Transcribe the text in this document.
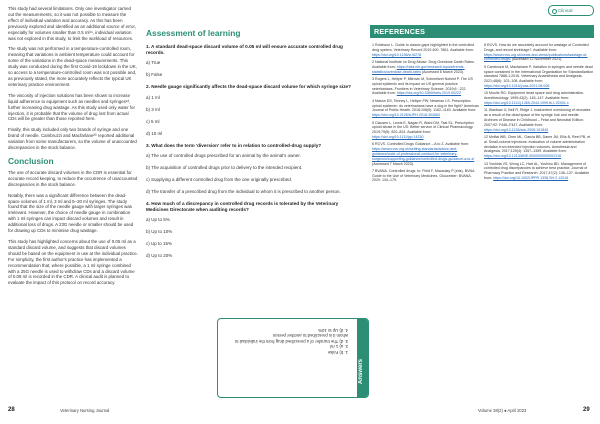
Clinical

This study had several limitations. Only one investigator carried out the measurements, so it was not possible to measure the effect of individual variation and accuracy. As this has been previously explored and identified as an additional source of error, especially for volumes smaller than 0.5 ml¹⁹, individual variation was not explored in this study, to limit the workload of resources.

The study was not performed in a temperature-controlled room, meaning that variations in ambient temperature could account for some of the variations in the dead-space measurements. This study was conducted during the first Covid-19 lockdown in the UK, so access to a temperature-controlled room was not possible and, as previously stated, the more accurately reflects the typical UK veterinary practice environment.

The viscosity of injection solutions has been shown to increase liquid adherence to equipment such as needles and syringes¹⁸, further increasing drug wastage. As this study used only water for injection, it is probable that the volume of drug lost from actual CDs will be greater than those reported here.

Finally, this study included only two brands of syringe and one brand of needle. Cambruzzi and Macfarlane²⁰ reported additional variation from some manufacturers, so the volume of unaccounted discrepancies in the stock balance.

Conclusion

The use of accurate discard volumes in the CDR is essential for accurate record keeping, to reduce the occurrence of unaccounted discrepancies in the stock balance.

Notably, there was a significant difference between the dead-space volumes of 1 ml, 3 ml and 5–20 ml syringes. The study found that the size of the needle gauge with larger syringes was irrelevant. However, the choice of needle gauge in combination with 1 ml syringes can impact discard volumes and result in additional loss of drugs. A 23G needle or smaller should be used for drawing up CDs to minimise drug wastage.

This study has highlighted concerns about the use of 0.05 ml as a standard discard volume, and suggests that discard volumes should be based on the equipment in use at the individual practice. For simplicity, the first author's practice has implemented a recommendation that, where possible, a 1 ml syringe combined with a 25G needle is used to withdraw CDs and a discard volume of 0.08 ml is recorded in the CDR. A clinical audit is planned to evaluate the impact of this protocol on record accuracy.

Assessment of learning
1. A standard dead-space discard volume of 0.05 ml will ensure accurate controlled drug records.
a) True
b) False
2. Needle gauge significantly affects the dead-space discard volume for which syringe size?
a) 1 ml
b) 3 ml
c) 5 ml
d) 10 ml
3. What does the term 'diversion' refer to in relation to controlled-drug supply?
a) The use of controlled drugs prescribed for an animal by the animal's owner.
b) The acquisition of controlled drugs prior to delivery to the intended recipient.
c) Supplying a different controlled drug from the one originally prescribed.
d) The transfer of a prescribed drug from the individual to whom it is prescribed to another person.
4. How much of a discrepancy in controlled drug records is tolerated by the Veterinary Medicines Directorate when auditing records?
a) Up to 5%
b) Up to 10%
c) Up to 15%
d) Up to 20%
1. b) False
2. a) 1 ml
3. d) The transfer of a prescribed drug from the individual to whom it is prescribed to another person
4. d) Up to 10%
Answers
REFERENCES

1 Robinson L. Guide to classic gaps highlighted in the controlled drug system. Veterinary Record 2019 400: 7861. Available from: https://doi.org/10.1136/vr.l6278

2 National Institute on Drug Abuse. Drug Overdose Death Rates. Available from: https://nida.nih.gov/research-topics/trends-statistics/overdose-death-rates (Accessed 6 March 2023).

3 Rogers L, Hellyer P, Mitrovic M, Schmeitzel Nofsinf P. The US opioid epidemic and its impact on US general practice veterinarians. Frontiers in Veterinary Science. 2019;6 : 222. Available from: https://doi.org/10.3389/fvets.2019.00222

4 Mason DS, Tenney L, Hellyer PW, Newman LS. Prescription opioid epidemic: do veterinarians have a dog in the fight? American Journal of Public Health. 2018;108(9): 1162–1163. Available from: https://doi.org/10.2105/AJPH.2018.304563

5 Clausen L, Lewis E, Nagan R, Ward DM, Tsai SL. Prescription opioid abuse in the US: Better service of Clinical Pharmacology. 2019;79(5): 820–824. Available from: https://doi.org/10.1111/jcp.14230

6 RCVS. Controlled Drugs Guidance – A to Z. Available from: https://www.rcvs.org.uk/setting-standards/advice-and-guidance/code-of-professional-conduct-for-veterinary-surgeons/supporting-guidance/controlled-drugs-guidance-a-to-z/ (Accessed 7 March 2023).

7 BVANA. Controlled drugs. In: Field F, Macaulay P (eds). BVNA Guide to the Use of Veterinary Medicines. Gloucester: BVANA. 2020: 134–179.

8 RCVS. How do we accurately account for wastage of Controlled Drugs, and record shrinkage?. Available from: https://www.rcvs.org.uk/news-and-views/publications/wastage-of-controlled-drugs/ (Accessed 12 November 2021).

9 Cambruzzi M, Macfarlane P. Variation in syringes and needle dead space contained in the International Organization for Standardization standard 7886-1:2016. Veterinary Anaesthesia and Analgesia. 2021;48(6): 103–108. Available from: https://doi.org/10.1016/j.vaa.2021.08.008

10 Moultz RG. Equipment dead space and drug administration. Anesthesiology. 1999;43(2): 145–147. Available from: https://doi.org/10.1111/j.1365-2044.1999.tb.1.02001.x

11 Wardlaw IJ, Bell R, Ridge J. Inadvertent overdosing of neonates as a result of the dead space of the syringe hub and needle. Archives of Disease in Childhood – Fetal and Neonatal Edition. 2007;92: F446–F447. Available from: https://doi.org/10.1136/adc.2006.101840

12 Moffat WB, Chen ML, Garcia BB, Dame JM, Ellis B, Reel PB, et al. Small-volume injections: evaluation of volume administration deviation from intended injection volumes. Anesthesia and Analgesia. 2017;125(4): 1357–1359. Available from: https://doi.org/10.1213/ANE.0000000000002316

13 Yoshida VS, Wong LC, Hart AL, Yoshino BD. Management of controlled drug discrepancies to achieve best practice. Journal of Pharmacy Practice and Research. 2017;47(2): 136–137. Available from: https://doi.org/10.1002/JPPR.1338.SH.2.12016

28	Veterinary Nursing Journal	Volume 38(2) ● April 2023	29
